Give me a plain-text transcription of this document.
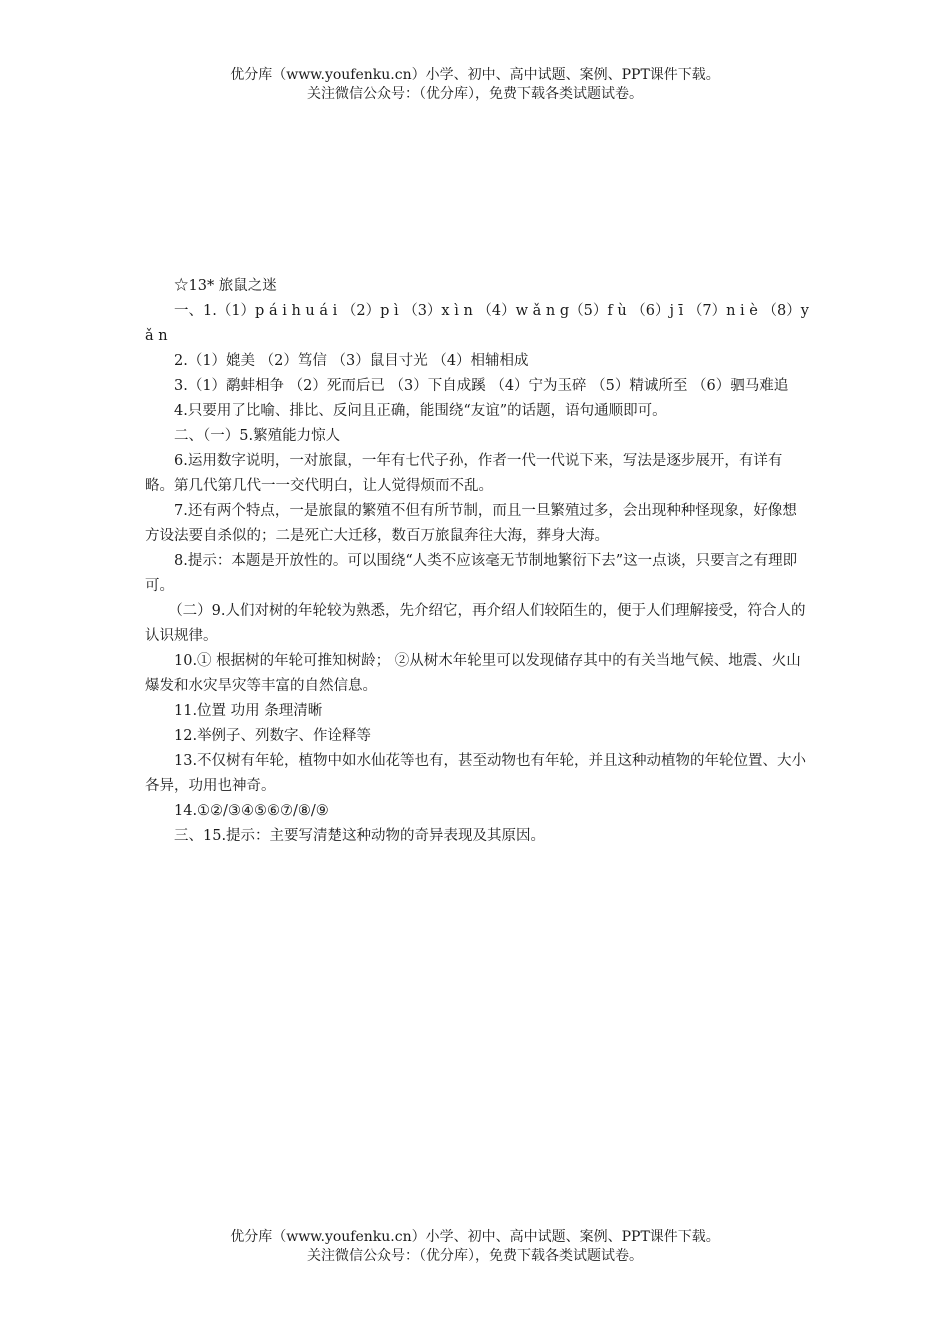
优分库（www.youfenku.cn）小学、初中、高中试题、案例、PPT课件下载。
关注微信公众号：（优分库），免费下载各类试题试卷。

☆13* 旅鼠之迷

一、1.（1）p á i h u á i （2）p ì （3）x ì n （4）w ǎ n g（5）f ù （6）j ī （7）n i è （8）y ǎ n

2.（1）媲美 （2）笃信 （3）鼠目寸光 （4）相辅相成

3.（1）鹬蚌相争 （2）死而后已 （3）下自成蹊 （4）宁为玉碎 （5）精诚所至 （6）驷马难追

4.只要用了比喻、排比、反问且正确，能围绕“友谊”的话题，语句通顺即可。

二、（一）5.繁殖能力惊人

6.运用数字说明，一对旅鼠，一年有七代子孙，作者一代一代说下来，写法是逐步展开，有详有略。第几代第几代一一交代明白，让人觉得烦而不乱。

7.还有两个特点，一是旅鼠的繁殖不但有所节制，而且一旦繁殖过多，会出现种种怪现象，好像想方设法要自杀似的；二是死亡大迁移，数百万旅鼠奔往大海，葬身大海。

8.提示：本题是开放性的。可以围绕“人类不应该毫无节制地繁衍下去”这一点谈，只要言之有理即可。

（二）9.人们对树的年轮较为熟悉，先介绍它，再介绍人们较陌生的，便于人们理解接受，符合人的认识规律。

10.① 根据树的年轮可推知树龄； ②从树木年轮里可以发现储存其中的有关当地气候、地震、火山爆发和水灾旱灾等丰富的自然信息。

11.位置 功用 条理清晰

12.举例子、列数字、作诠释等

13.不仅树有年轮，植物中如水仙花等也有，甚至动物也有年轮，并且这种动植物的年轮位置、大小各异，功用也神奇。

14.①②/③④⑤⑥⑦/⑧/⑨

三、15.提示：主要写清楚这种动物的奇异表现及其原因。

优分库（www.youfenku.cn）小学、初中、高中试题、案例、PPT课件下载。
关注微信公众号：（优分库），免费下载各类试题试卷。
